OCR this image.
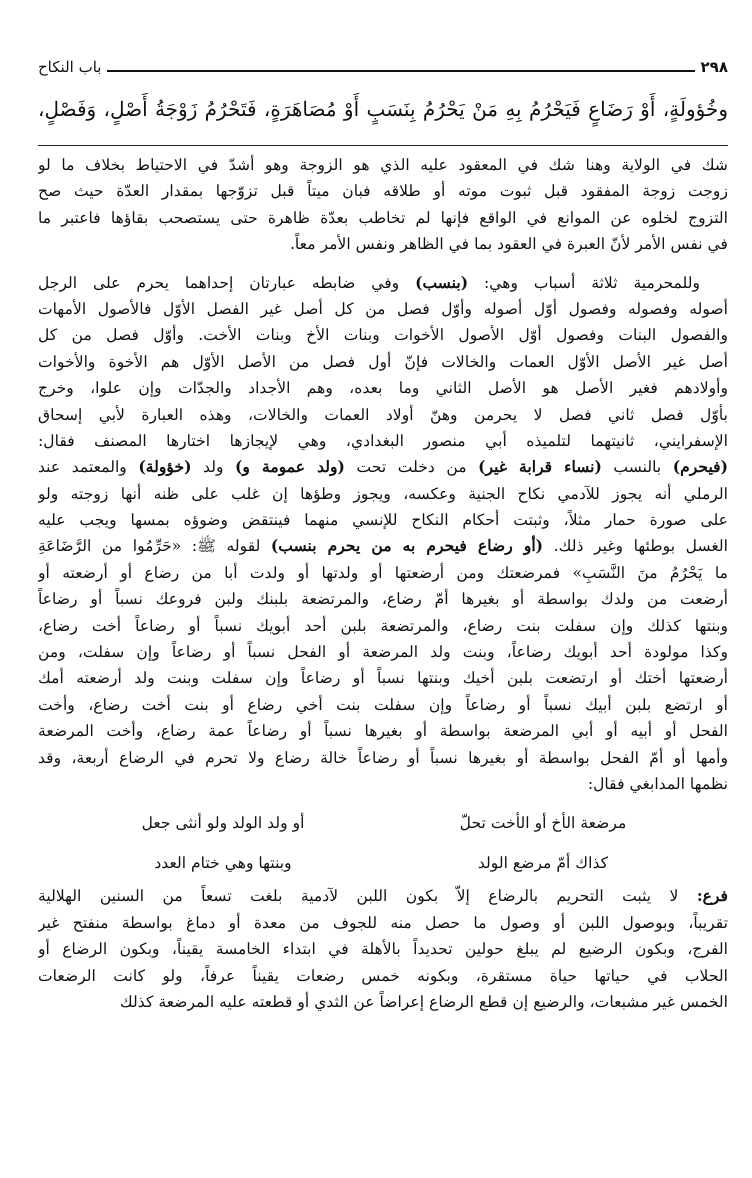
٢٩٨
باب النكاح
وخُؤولَةٍ، أَوْ رَضَاعٍ فَيَحْرُمُ بِهِ مَنْ يَحْرُمُ بِنَسَبٍ أَوْ مُصَاهَرَةٍ، فَتَحْرُمُ زَوْجَةُ أَصْلٍ، وَفَصْلٍ،
شك في الولاية وهنا شك في المعقود عليه الذي هو الزوجة وهو أشدّ في الاحتياط بخلاف ما لو
زوجت زوجة المفقود قبل ثبوت موته أو طلاقه فبان ميتاً قبل تزوّجها بمقدار العدّة حيث صح
التزوج لخلوه عن الموانع في الواقع فإنها لم تخاطب بعدّة ظاهرة حتى يستصحب بقاؤها فاعتبر ما
في نفس الأمر لأنّ العبرة في العقود بما في الظاهر ونفس الأمر معاً.
وللمحرمية ثلاثة أسباب وهي: (بنسب) وفي ضابطه عبارتان إحداهما يحرم على الرجل
أصوله وفصوله وفصول أوّل أصوله وأوّل فصل من كل أصل غير الفصل الأوّل فالأصول الأمهات
والفصول البنات وفصول أوّل الأصول الأخوات وبنات الأخ وبنات الأخت. وأوّل فصل من كل
أصل غير الأصل الأوّل العمات والخالات فإنّ أول فصل من الأصل الأوّل هم الأخوة والأخوات
وأولادهم فغير الأصل هو الأصل الثاني وما بعده، وهم الأجداد والجدّات وإن علوا، وخرج
بأوّل فصل ثاني فصل لا يحرمن وهنّ أولاد العمات والخالات، وهذه العبارة لأبي إسحاق
الإسفرايني، ثانيتهما لتلميذه أبي منصور البغدادي، وهي لإيجازها اختارها المصنف فقال:
(فيحرم) بالنسب (نساء قرابة غير) من دخلت تحت (ولد عمومة و) ولد (خؤولة) والمعتمد عند
الرملي أنه يجوز للآدمي نكاح الجنية وعكسه، ويجوز وطؤها إن غلب على ظنه أنها زوجته ولو
على صورة حمار مثلاً، وثبتت أحكام النكاح للإنسي منهما فينتقض وضوؤه بمسها ويجب عليه
الغسل بوطئها وغير ذلك. (أو رضاع فيحرم به من يحرم بنسب) لقوله ﷺ: «حَرِّمُوا من الرَّضَاعَةِ
ما يَحْرُمُ منَ النَّسَبِ» فمرضعتك ومن أرضعتها أو ولدتها أو ولدت أبا من رضاع أو أرضعته أو
أرضعت من ولدك بواسطة أو بغيرها أمّ رضاع، والمرتضعة بلبنك ولبن فروعك نسباً أو رضاعاً
وبنتها كذلك وإن سفلت بنت رضاع، والمرتضعة بلبن أحد أبويك نسباً أو رضاعاً أخت رضاع،
وكذا مولودة أحد أبويك رضاعاً، وبنت ولد المرضعة أو الفحل نسباً أو رضاعاً وإن سفلت، ومن
أرضعتها أختك أو ارتضعت بلبن أخيك وبنتها نسباً أو رضاعاً وإن سفلت وبنت ولد أرضعته أمك
أو ارتضع بلبن أبيك نسباً أو رضاعاً وإن سفلت بنت أخي رضاع أو بنت أخت رضاع، وأخت
الفحل أو أبيه أو أبي المرضعة بواسطة أو بغيرها نسباً أو رضاعاً عمة رضاع، وأخت المرضعة
وأمها أو أمّ الفحل بواسطة أو بغيرها نسباً أو رضاعاً خالة رضاع ولا تحرم في الرضاع أربعة، وقد
نظمها المدابغي فقال:
مرضعة الأخ أو الأخت تحلّ
أو ولد الولد ولو أنثى جعل
كذاك أمّ مرضع الولد
وبنتها وهي ختام العدد
فرع: لا يثبت التحريم بالرضاع إلاّ بكون اللبن لآدمية بلغت تسعاً من السنين الهلالية
تقريباً، وبوصول اللبن أو وصول ما حصل منه للجوف من معدة أو دماغ بواسطة منفتح غير
الفرج، وبكون الرضيع لم يبلغ حولين تحديداً بالأهلة في ابتداء الخامسة يقيناً، وبكون الرضاع أو
الحلاب في حياتها حياة مستقرة، وبكونه خمس رضعات يقيناً عرفاً، ولو كانت الرضعات
الخمس غير مشبعات، والرضيع إن قطع الرضاع إعراضاً عن الثدي أو قطعته عليه المرضعة كذلك
